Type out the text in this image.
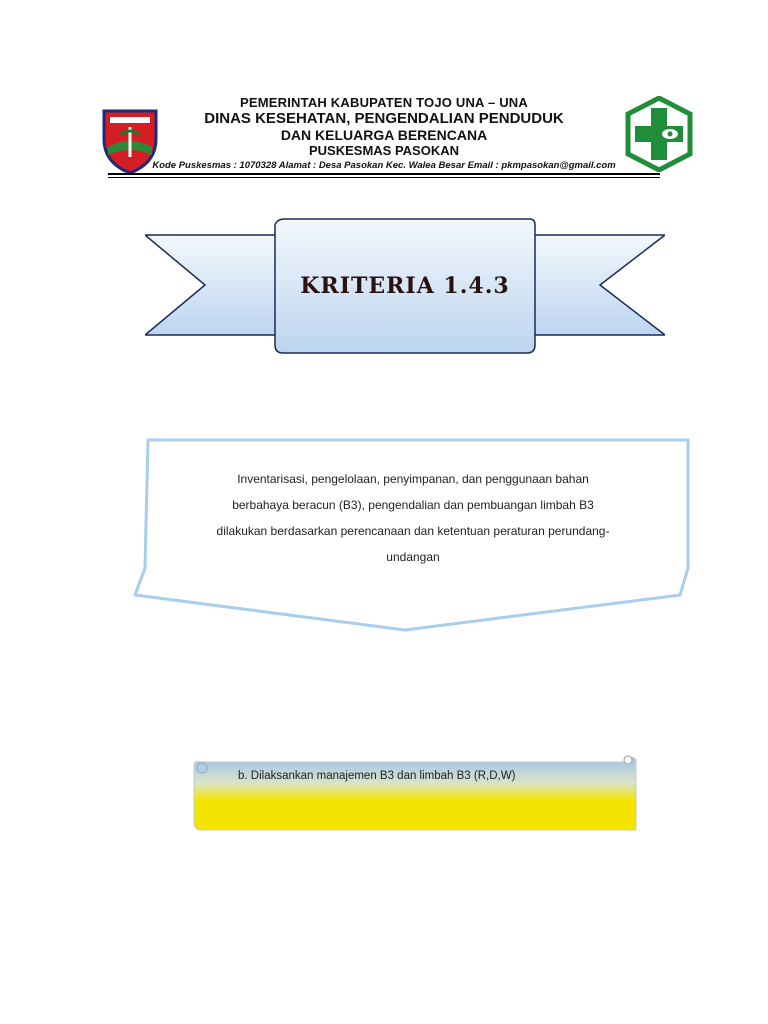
PEMERINTAH KABUPATEN TOJO UNA – UNA
DINAS KESEHATAN, PENGENDALIAN PENDUDUK
DAN KELUARGA BERENCANA
PUSKESMAS PASOKAN
Kode Puskesmas : 1070328 Alamat : Desa Pasokan Kec. Walea Besar Email : pkmpasokan@gmail.com
KRITERIA 1.4.3
Inventarisasi, pengelolaan, penyimpanan, dan penggunaan bahan
berbahaya beracun (B3), pengendalian dan pembuangan limbah B3
dilakukan berdasarkan perencanaan dan ketentuan peraturan perundang-
undangan
b. Dilaksankan manajemen B3 dan limbah B3 (R,D,W)
